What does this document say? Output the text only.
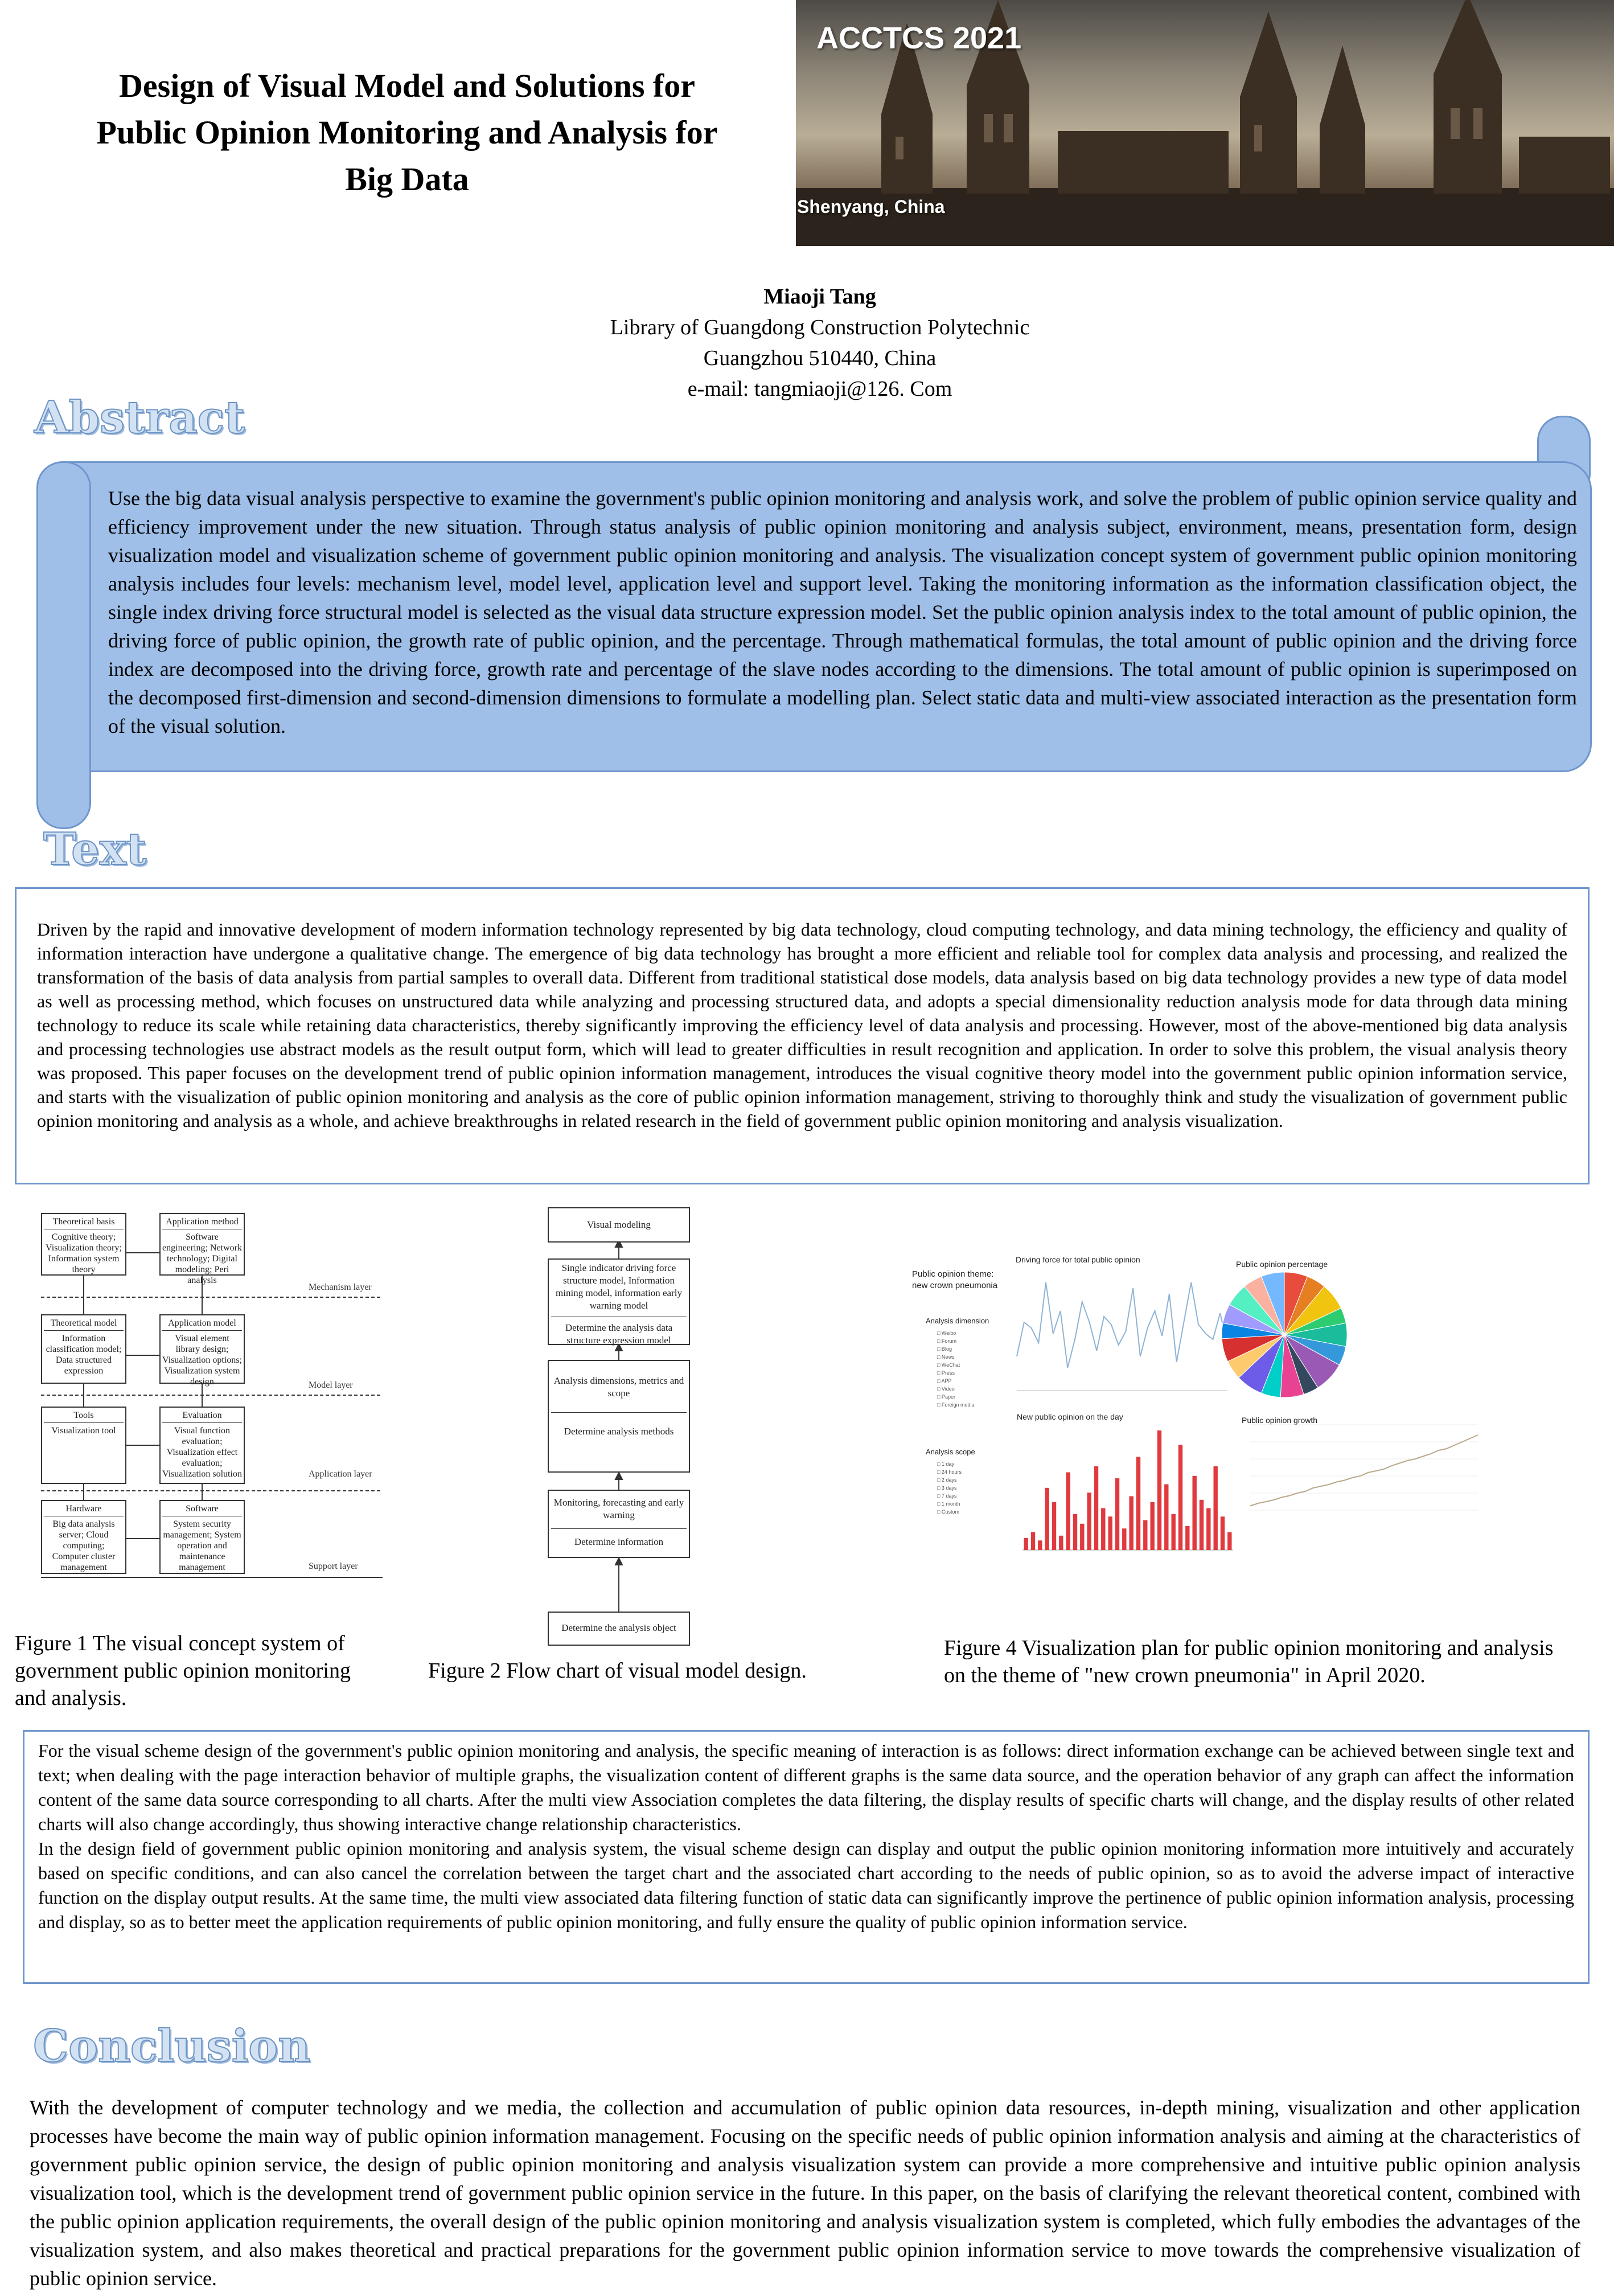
Design of Visual Model and Solutions for Public Opinion Monitoring and Analysis for Big Data
ACCTCS 2021
Shenyang, China
Miaoji Tang
Library of Guangdong Construction Polytechnic
Guangzhou 510440, China
e-mail: tangmiaoji@126. Com
Abstract
Use the big data visual analysis perspective to examine the government's public opinion monitoring and analysis work, and solve the problem of public opinion service quality and efficiency improvement under the new situation. Through status analysis of public opinion monitoring and analysis subject, environment, means, presentation form, design visualization model and visualization scheme of government public opinion monitoring and analysis. The visualization concept system of government public opinion monitoring analysis includes four levels: mechanism level, model level, application level and support level. Taking the monitoring information as the information classification object, the single index driving force structural model is selected as the visual data structure expression model. Set the public opinion analysis index to the total amount of public opinion, the driving force of public opinion, the growth rate of public opinion, and the percentage. Through mathematical formulas, the total amount of public opinion and the driving force index are decomposed into the driving force, growth rate and percentage of the slave nodes according to the dimensions. The total amount of public opinion is superimposed on the decomposed first-dimension and second-dimension dimensions to formulate a modelling plan. Select static data and multi-view associated interaction as the presentation form of the visual solution.
Text

Driven by the rapid and innovative development of modern information technology represented by big data technology, cloud computing technology, and data mining technology, the efficiency and quality of information interaction have undergone a qualitative change. The emergence of big data technology has brought a more efficient and reliable tool for complex data analysis and processing, and realized the transformation of the basis of data analysis from partial samples to overall data. Different from traditional statistical dose models, data analysis based on big data technology provides a new type of data model as well as processing method, which focuses on unstructured data while analyzing and processing structured data, and adopts a special dimensionality reduction analysis mode for data through data mining technology to reduce its scale while retaining data characteristics, thereby significantly improving the efficiency level of data analysis and processing. However, most of the above-mentioned big data analysis and processing technologies use abstract models as the result output form, which will lead to greater difficulties in result recognition and application. In order to solve this problem, the visual analysis theory was proposed. This paper focuses on the development trend of public opinion information management, introduces the visual cognitive theory model into the government public opinion information service, and starts with the visualization of public opinion monitoring and analysis as the core of public opinion information management, striving to thoroughly think and study the visualization of government public opinion monitoring and analysis as a whole, and achieve breakthroughs in related research in the field of government public opinion monitoring and analysis visualization.

Theoretical basis
Cognitive theory; Visualization theory; Information system theory
Application method
Software engineering; Network technology; Digital modeling; Peri analysis
Theoretical model
Information classification model; Data structured expression
Application model
Visual element library design; Visualization options; Visualization system design
Tools
Visualization tool
Evaluation
Visual function evaluation; Visualization effect evaluation; Visualization solution
Hardware
Big data analysis server; Cloud computing; Computer cluster management
Software
System security management; System operation and maintenance management
Mechanism layer
Model layer
Application layer
Support layer
Figure 1 The visual concept system of government public opinion monitoring and analysis.
Visual modeling
Single indicator driving force structure model, Information mining model, information early warning model
Determine the analysis data structure expression model
Analysis dimensions, metrics and scope
Determine analysis methods
Monitoring, forecasting and early warning
Determine information
Determine the analysis object
Figure 2 Flow chart of visual model design.
Public opinion theme:
new crown pneumonia
Analysis dimension
□ Weibo
□ Forum
□ Blog
□ News
□ WeChat
□ Press
□ APP
□ Video
□ Paper
□ Foreign media
Analysis scope
□ 1 day
□ 24 hours
□ 2 days
□ 3 days
□ 7 days
□ 1 month
□ Custom
Driving force for total public opinion	Public opinion percentage
New public opinion on the day	Public opinion growth
Figure 4 Visualization plan for public opinion monitoring and analysis on the theme of "new crown pneumonia" in April 2020.

For the visual scheme design of the government's public opinion monitoring and analysis, the specific meaning of interaction is as follows: direct information exchange can be achieved between single text and text; when dealing with the page interaction behavior of multiple graphs, the visualization content of different graphs is the same data source, and the operation behavior of any graph can affect the information content of the same data source corresponding to all charts. After the multi view Association completes the data filtering, the display results of specific charts will change, and the display results of other related charts will also change accordingly, thus showing interactive change relationship characteristics.

In the design field of government public opinion monitoring and analysis system, the visual scheme design can display and output the public opinion monitoring information more intuitively and accurately based on specific conditions, and can also cancel the correlation between the target chart and the associated chart according to the needs of public opinion, so as to avoid the adverse impact of interactive function on the display output results. At the same time, the multi view associated data filtering function of static data can significantly improve the pertinence of public opinion information analysis, processing and display, so as to better meet the application requirements of public opinion monitoring, and fully ensure the quality of public opinion information service.

Conclusion
With the development of computer technology and we media, the collection and accumulation of public opinion data resources, in-depth mining, visualization and other application processes have become the main way of public opinion information management. Focusing on the specific needs of public opinion information analysis and aiming at the characteristics of government public opinion service, the design of public opinion monitoring and analysis visualization system can provide a more comprehensive and intuitive public opinion analysis visualization tool, which is the development trend of government public opinion service in the future. In this paper, on the basis of clarifying the relevant theoretical content, combined with the public opinion application requirements, the overall design of the public opinion monitoring and analysis visualization system is completed, which fully embodies the advantages of the visualization system, and also makes theoretical and practical preparations for the government public opinion information service to move towards the comprehensive visualization of public opinion service.
